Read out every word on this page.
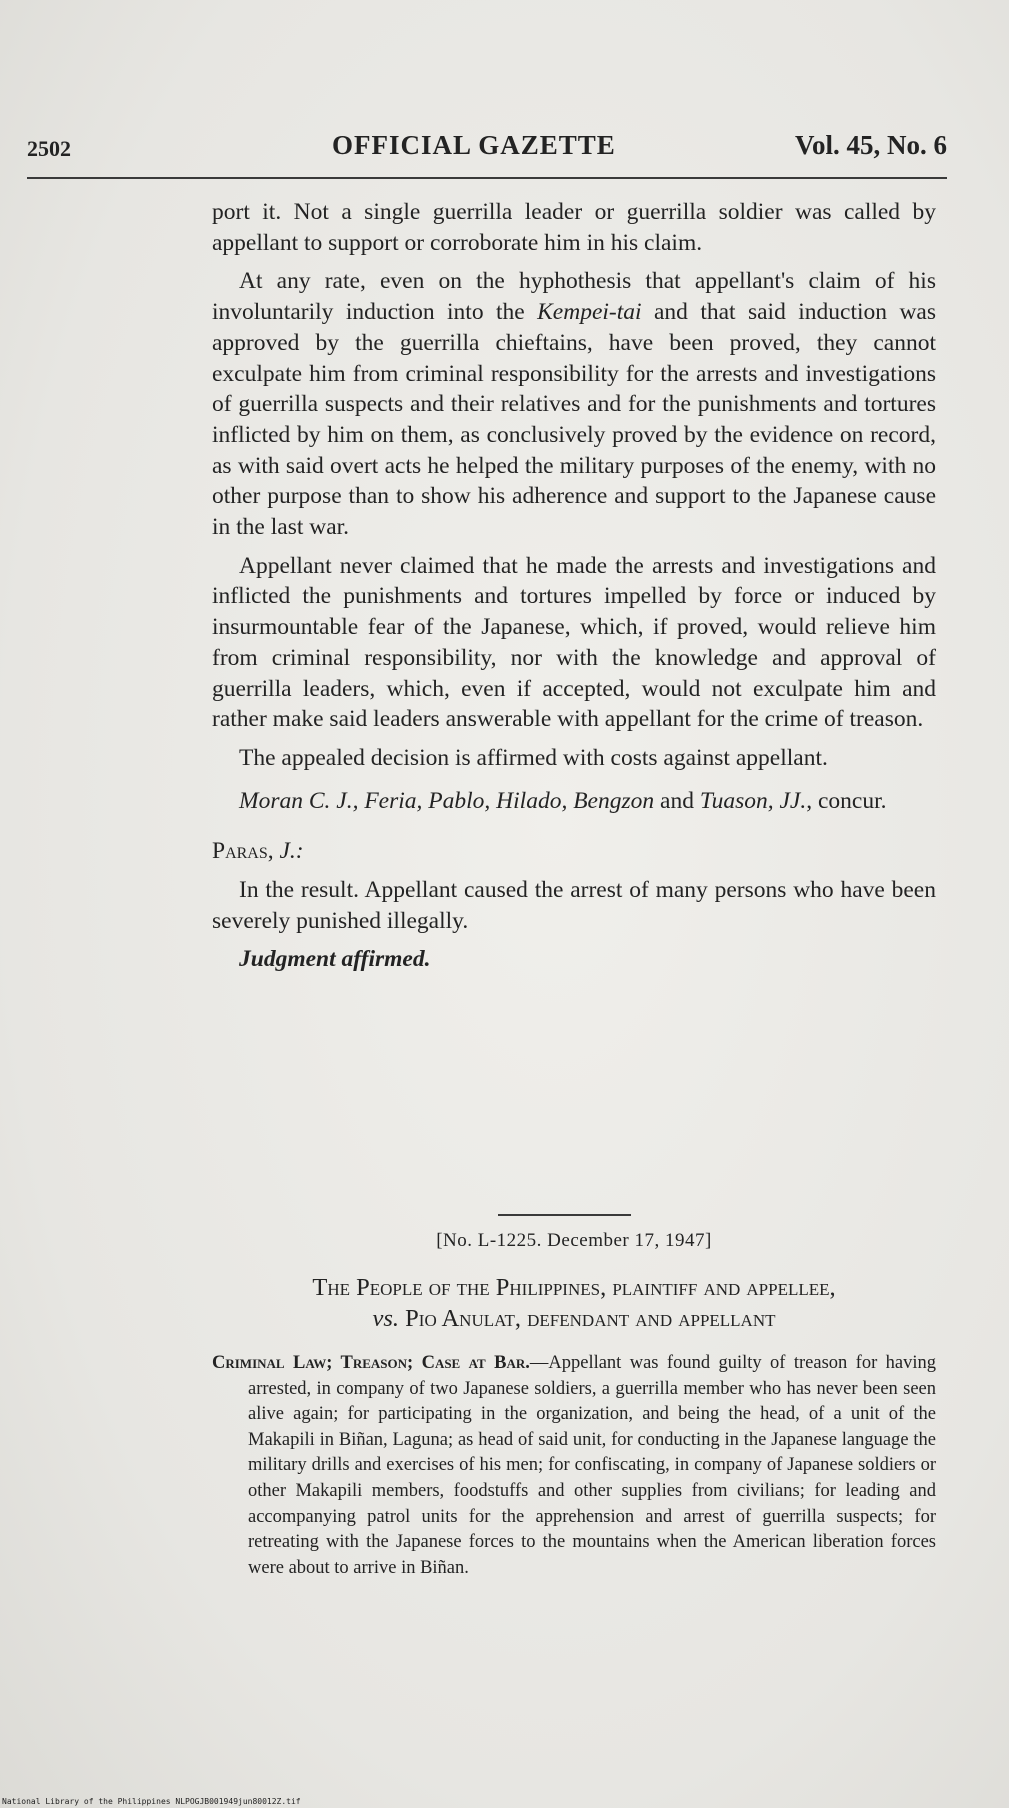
2502	OFFICIAL GAZETTE	Vol. 45, No. 6

port it. Not a single guerrilla leader or guerrilla soldier was called by appellant to support or corroborate him in his claim.

At any rate, even on the hyphothesis that appellant's claim of his involuntarily induction into the Kempei-tai and that said induction was approved by the guerrilla chieftains, have been proved, they cannot exculpate him from criminal responsibility for the arrests and investigations of guerrilla suspects and their relatives and for the punishments and tortures inflicted by him on them, as conclusively proved by the evidence on record, as with said overt acts he helped the military purposes of the enemy, with no other purpose than to show his adherence and support to the Japanese cause in the last war.

Appellant never claimed that he made the arrests and investigations and inflicted the punishments and tortures impelled by force or induced by insurmountable fear of the Japanese, which, if proved, would relieve him from criminal responsibility, nor with the knowledge and approval of guerrilla leaders, which, even if accepted, would not exculpate him and rather make said leaders answerable with appellant for the crime of treason.

The appealed decision is affirmed with costs against appellant.

Moran C. J., Feria, Pablo, Hilado, Bengzon and Tuason, JJ., concur.

Paras, J.:

In the result. Appellant caused the arrest of many persons who have been severely punished illegally.

Judgment affirmed.

[No. L-1225. December 17, 1947]
The People of the Philippines, plaintiff and appellee,
vs. Pio Anulat, defendant and appellant
Criminal Law; Treason; Case at Bar.—Appellant was found guilty of treason for having arrested, in company of two Japanese soldiers, a guerrilla member who has never been seen alive again; for participating in the organization, and being the head, of a unit of the Makapili in Biñan, Laguna; as head of said unit, for conducting in the Japanese language the military drills and exercises of his men; for confiscating, in company of Japanese soldiers or other Makapili members, foodstuffs and other supplies from civilians; for leading and accompanying patrol units for the apprehension and arrest of guerrilla suspects; for retreating with the Japanese forces to the mountains when the American liberation forces were about to arrive in Biñan.
National Library of the Philippines NLPOGJB001949jun80012Z.tif
